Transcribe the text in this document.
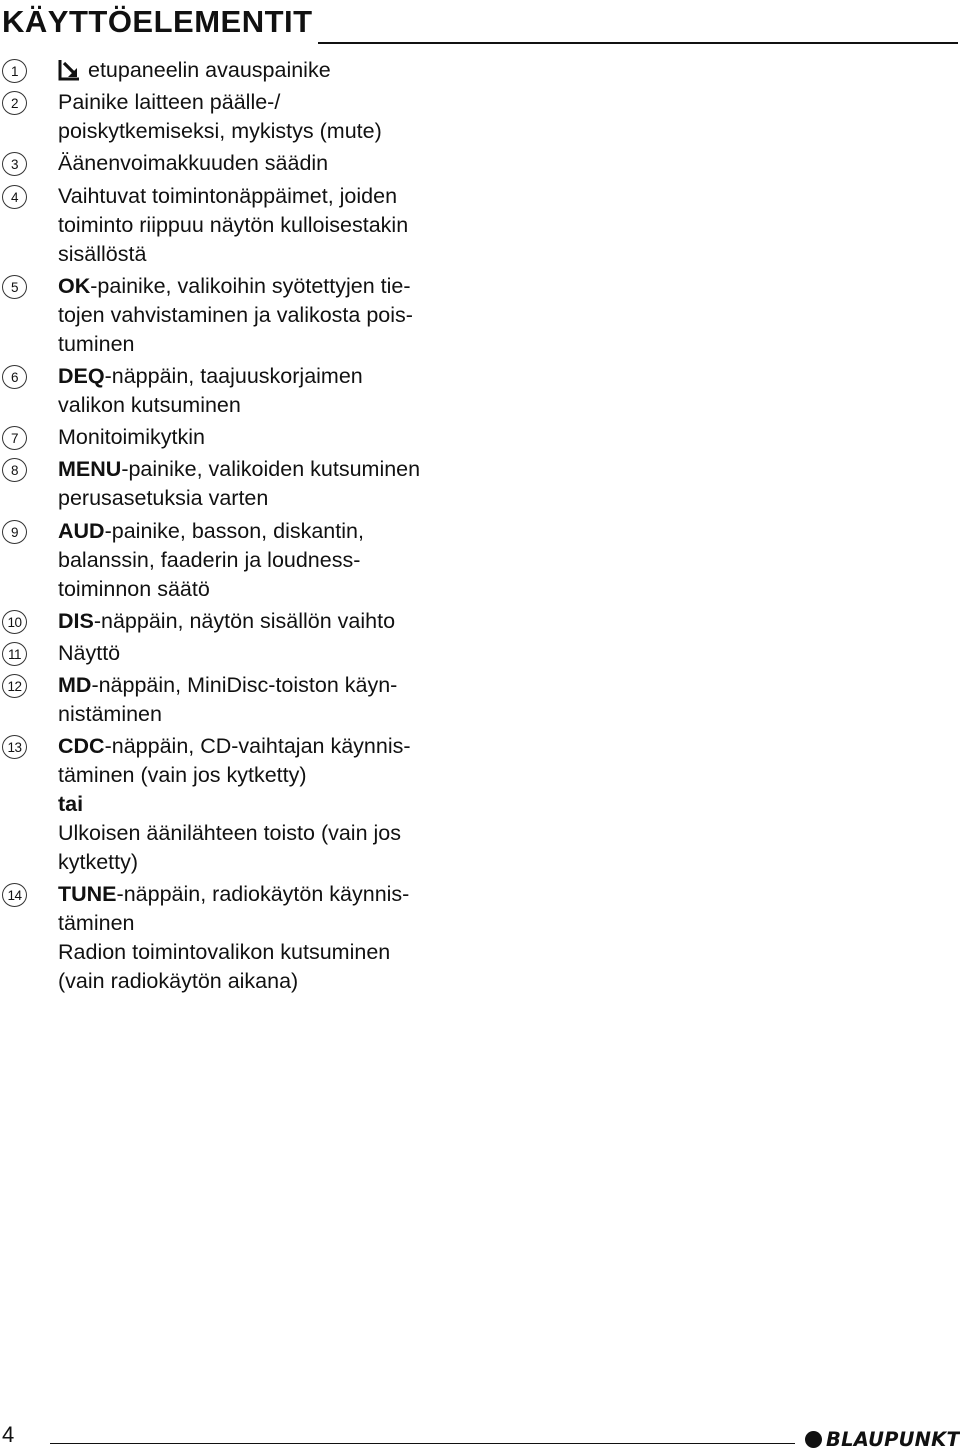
KÄYTTÖELEMENTIT
1	etupaneelin avauspainike
2	Painike laitteen päälle-/
poiskytkemiseksi, mykistys (mute)
3	Äänenvoimakkuuden säädin
4	Vaihtuvat toimintonäppäimet, joiden
toiminto riippuu näytön kulloisestakin
sisällöstä
5	OK-painike, valikoihin syötettyjen tie-
tojen vahvistaminen ja valikosta pois-
tuminen
6	DEQ-näppäin, taajuuskorjaimen
valikon kutsuminen
7	Monitoimikytkin
8	MENU-painike, valikoiden kutsuminen
perusasetuksia varten
9	AUD-painike, basson, diskantin,
balanssin, faaderin ja loudness-
toiminnon säätö
10 DIS-näppäin, näytön sisällön vaihto
11 Näyttö
12 MD-näppäin, MiniDisc-toiston käyn-
nistäminen
13 CDC-näppäin, CD-vaihtajan käynnis-
täminen (vain jos kytketty)
tai
Ulkoisen äänilähteen toisto (vain jos
kytketty)
14 TUNE-näppäin, radiokäytön käynnis-
täminen
Radion toimintovalikon kutsuminen
(vain radiokäytön aikana)
4	BLAUPUNKT
